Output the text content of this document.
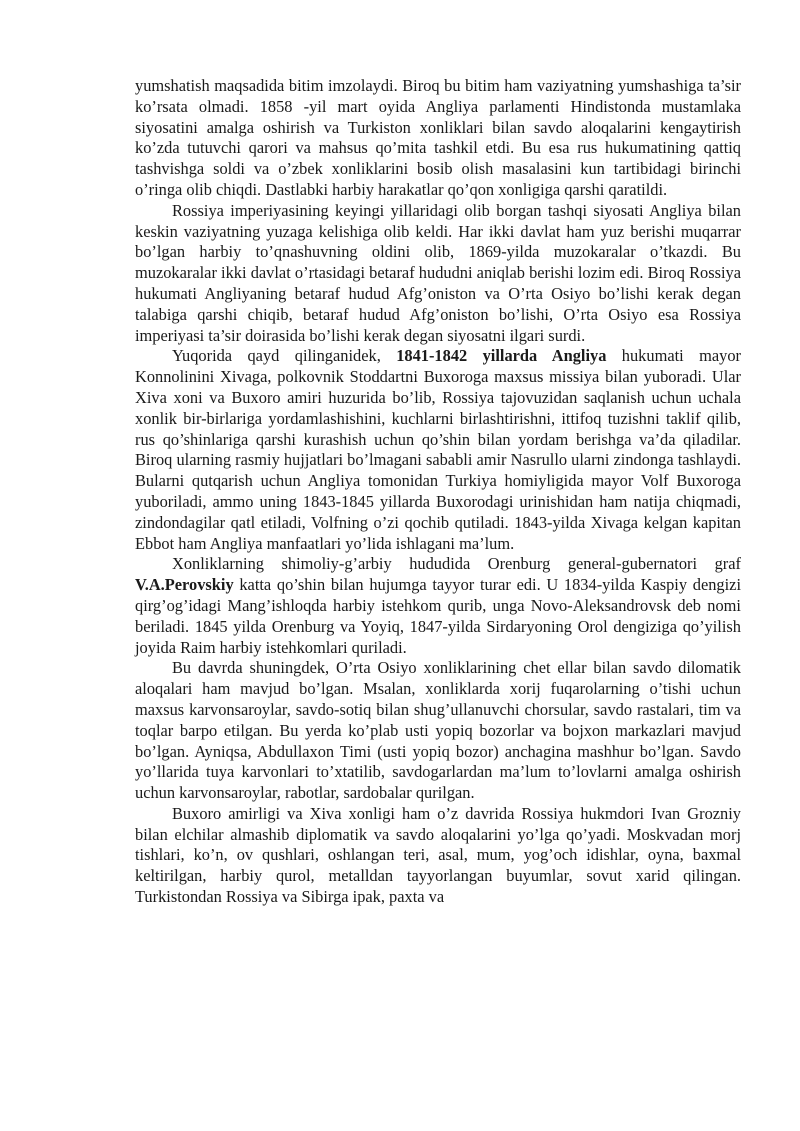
yumshatish maqsadida bitim imzolaydi. Biroq bu bitim ham vaziyatning yumshashiga ta’sir ko’rsata olmadi. 1858 -yil mart oyida Angliya parlamenti Hindistonda mustamlaka siyosatini amalga oshirish va Turkiston xonliklari bilan savdo aloqalarini kengaytirish ko’zda tutuvchi qarori va mahsus qo’mita tashkil etdi. Bu esa rus hukumatining qattiq tashvishga soldi va o’zbek xonliklarini bosib olish masalasini kun tartibidagi birinchi o’ringa olib chiqdi. Dastlabki harbiy harakatlar qo’qon xonligiga qarshi qaratildi.

Rossiya imperiyasining keyingi yillaridagi olib borgan tashqi siyosati Angliya bilan keskin vaziyatning yuzaga kelishiga olib keldi. Har ikki davlat ham yuz berishi muqarrar bo’lgan harbiy to’qnashuvning oldini olib, 1869-yilda muzokaralar o’tkazdi. Bu muzokaralar ikki davlat o’rtasidagi betaraf hududni aniqlab berishi lozim edi. Biroq Rossiya hukumati Angliyaning betaraf hudud Afg’oniston va O’rta Osiyo bo’lishi kerak degan talabiga qarshi chiqib, betaraf hudud Afg’oniston bo’lishi, O’rta Osiyo esa Rossiya imperiyasi ta’sir doirasida bo’lishi kerak degan siyosatni ilgari surdi.

Yuqorida qayd qilinganidek, 1841-1842 yillarda Angliya hukumati mayor Konnolinini Xivaga, polkovnik Stoddartni Buxoroga maxsus missiya bilan yuboradi. Ular Xiva xoni va Buxoro amiri huzurida bo’lib, Rossiya tajovuzidan saqlanish uchun uchala xonlik bir-birlariga yordamlashishini, kuchlarni birlashtirishni, ittifoq tuzishni taklif qilib, rus qo’shinlariga qarshi kurashish uchun qo’shin bilan yordam berishga va’da qiladilar. Biroq ularning rasmiy hujjatlari bo’lmagani sababli amir Nasrullo ularni zindonga tashlaydi. Bularni qutqarish uchun Angliya tomonidan Turkiya homiyligida mayor Volf Buxoroga yuboriladi, ammo uning 1843-1845 yillarda Buxorodagi urinishidan ham natija chiqmadi, zindondagilar qatl etiladi, Volfning o’zi qochib qutiladi. 1843-yilda Xivaga kelgan kapitan Ebbot ham Angliya manfaatlari yo’lida ishlagani ma’lum.

Xonliklarning shimoliy-g’arbiy hududida Orenburg general-gubernatori graf V.A.Perovskiy katta qo’shin bilan hujumga tayyor turar edi. U 1834-yilda Kaspiy dengizi qirg’og’idagi Mang’ishloqda harbiy istehkom qurib, unga Novo-Aleksandrovsk deb nomi beriladi. 1845 yilda Orenburg va Yoyiq, 1847-yilda Sirdaryoning Orol dengiziga qo’yilish joyida Raim harbiy istehkomlari quriladi.

Bu davrda shuningdek, O’rta Osiyo xonliklarining chet ellar bilan savdo dilomatik aloqalari ham mavjud bo’lgan. Msalan, xonliklarda xorij fuqarolarning o’tishi uchun maxsus karvonsaroylar, savdo-sotiq bilan shug’ullanuvchi chorsular, savdo rastalari, tim va toqlar barpo etilgan. Bu yerda ko’plab usti yopiq bozorlar va bojxon markazlari mavjud bo’lgan. Ayniqsa, Abdullaxon Timi (usti yopiq bozor) anchagina mashhur bo’lgan. Savdo yo’llarida tuya karvonlari to’xtatilib, savdogarlardan ma’lum to’lovlarni amalga oshirish uchun karvonsaroylar, rabotlar, sardobalar qurilgan.

Buxoro amirligi va Xiva xonligi ham o’z davrida Rossiya hukmdori Ivan Grozniy bilan elchilar almashib diplomatik va savdo aloqalarini yo’lga qo’yadi. Moskvadan morj tishlari, ko’n, ov qushlari, oshlangan teri, asal, mum, yog’och idishlar, oyna, baxmal keltirilgan, harbiy qurol, metalldan tayyorlangan buyumlar, sovut xarid qilingan. Turkistondan Rossiya va Sibirga ipak, paxta va
